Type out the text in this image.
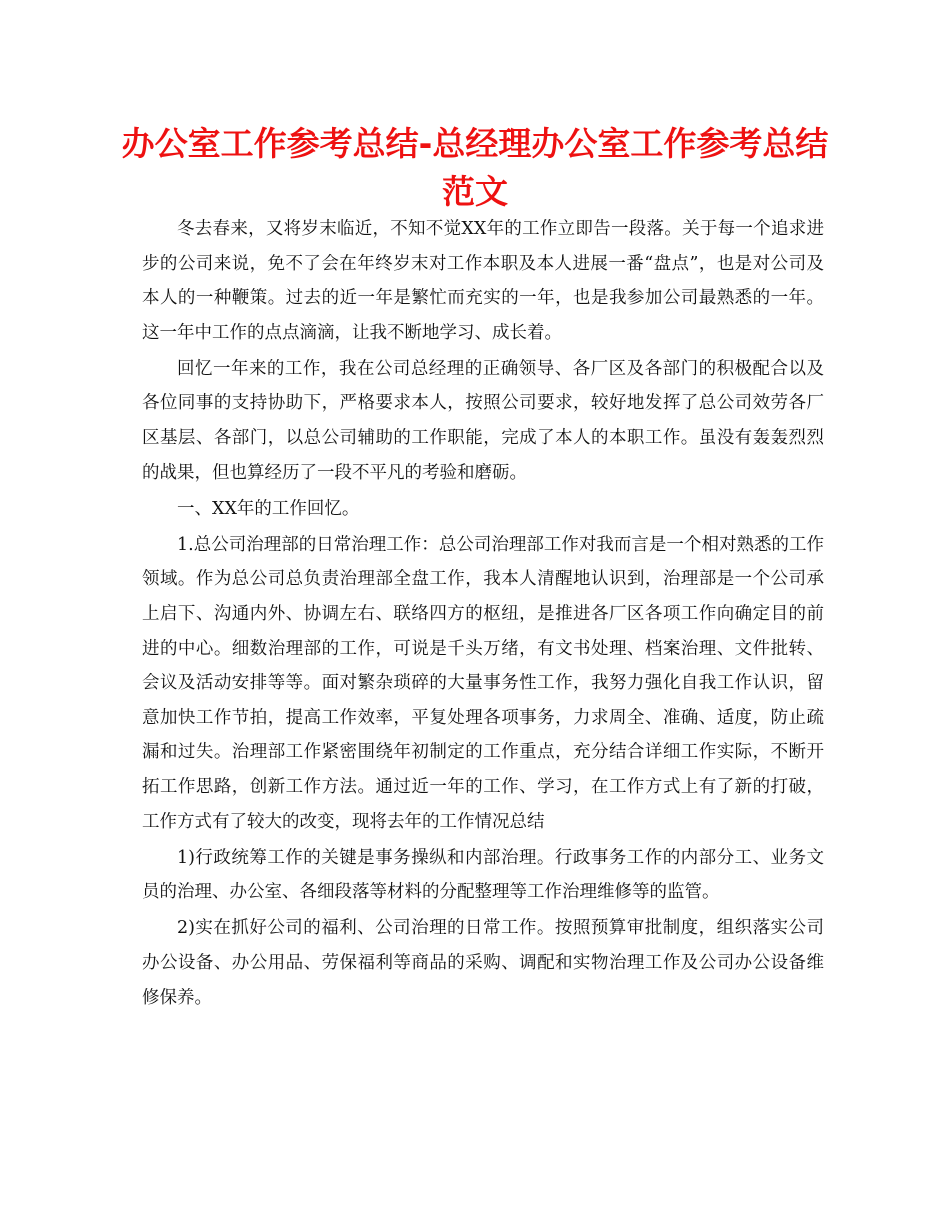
办公室工作参考总结-总经理办公室工作参考总结范文

冬去春来，又将岁末临近，不知不觉XX年的工作立即告一段落。关于每一个追求进步的公司来说，免不了会在年终岁末对工作本职及本人进展一番“盘点”，也是对公司及本人的一种鞭策。过去的近一年是繁忙而充实的一年，也是我参加公司最熟悉的一年。这一年中工作的点点滴滴，让我不断地学习、成长着。

回忆一年来的工作，我在公司总经理的正确领导、各厂区及各部门的积极配合以及各位同事的支持协助下，严格要求本人，按照公司要求，较好地发挥了总公司效劳各厂区基层、各部门，以总公司辅助的工作职能，完成了本人的本职工作。虽没有轰轰烈烈的战果，但也算经历了一段不平凡的考验和磨砺。

一、XX年的工作回忆。

1.总公司治理部的日常治理工作：总公司治理部工作对我而言是一个相对熟悉的工作领域。作为总公司总负责治理部全盘工作，我本人清醒地认识到，治理部是一个公司承上启下、沟通内外、协调左右、联络四方的枢纽，是推进各厂区各项工作向确定目的前进的中心。细数治理部的工作，可说是千头万绪，有文书处理、档案治理、文件批转、会议及活动安排等等。面对繁杂琐碎的大量事务性工作，我努力强化自我工作认识，留意加快工作节拍，提高工作效率，平复处理各项事务，力求周全、准确、适度，防止疏漏和过失。治理部工作紧密围绕年初制定的工作重点，充分结合详细工作实际，不断开拓工作思路，创新工作方法。通过近一年的工作、学习，在工作方式上有了新的打破，工作方式有了较大的改变，现将去年的工作情况总结

1)行政统筹工作的关键是事务操纵和内部治理。行政事务工作的内部分工、业务文员的治理、办公室、各细段落等材料的分配整理等工作治理维修等的监管。

2)实在抓好公司的福利、公司治理的日常工作。按照预算审批制度，组织落实公司办公设备、办公用品、劳保福利等商品的采购、调配和实物治理工作及公司办公设备维修保养。
